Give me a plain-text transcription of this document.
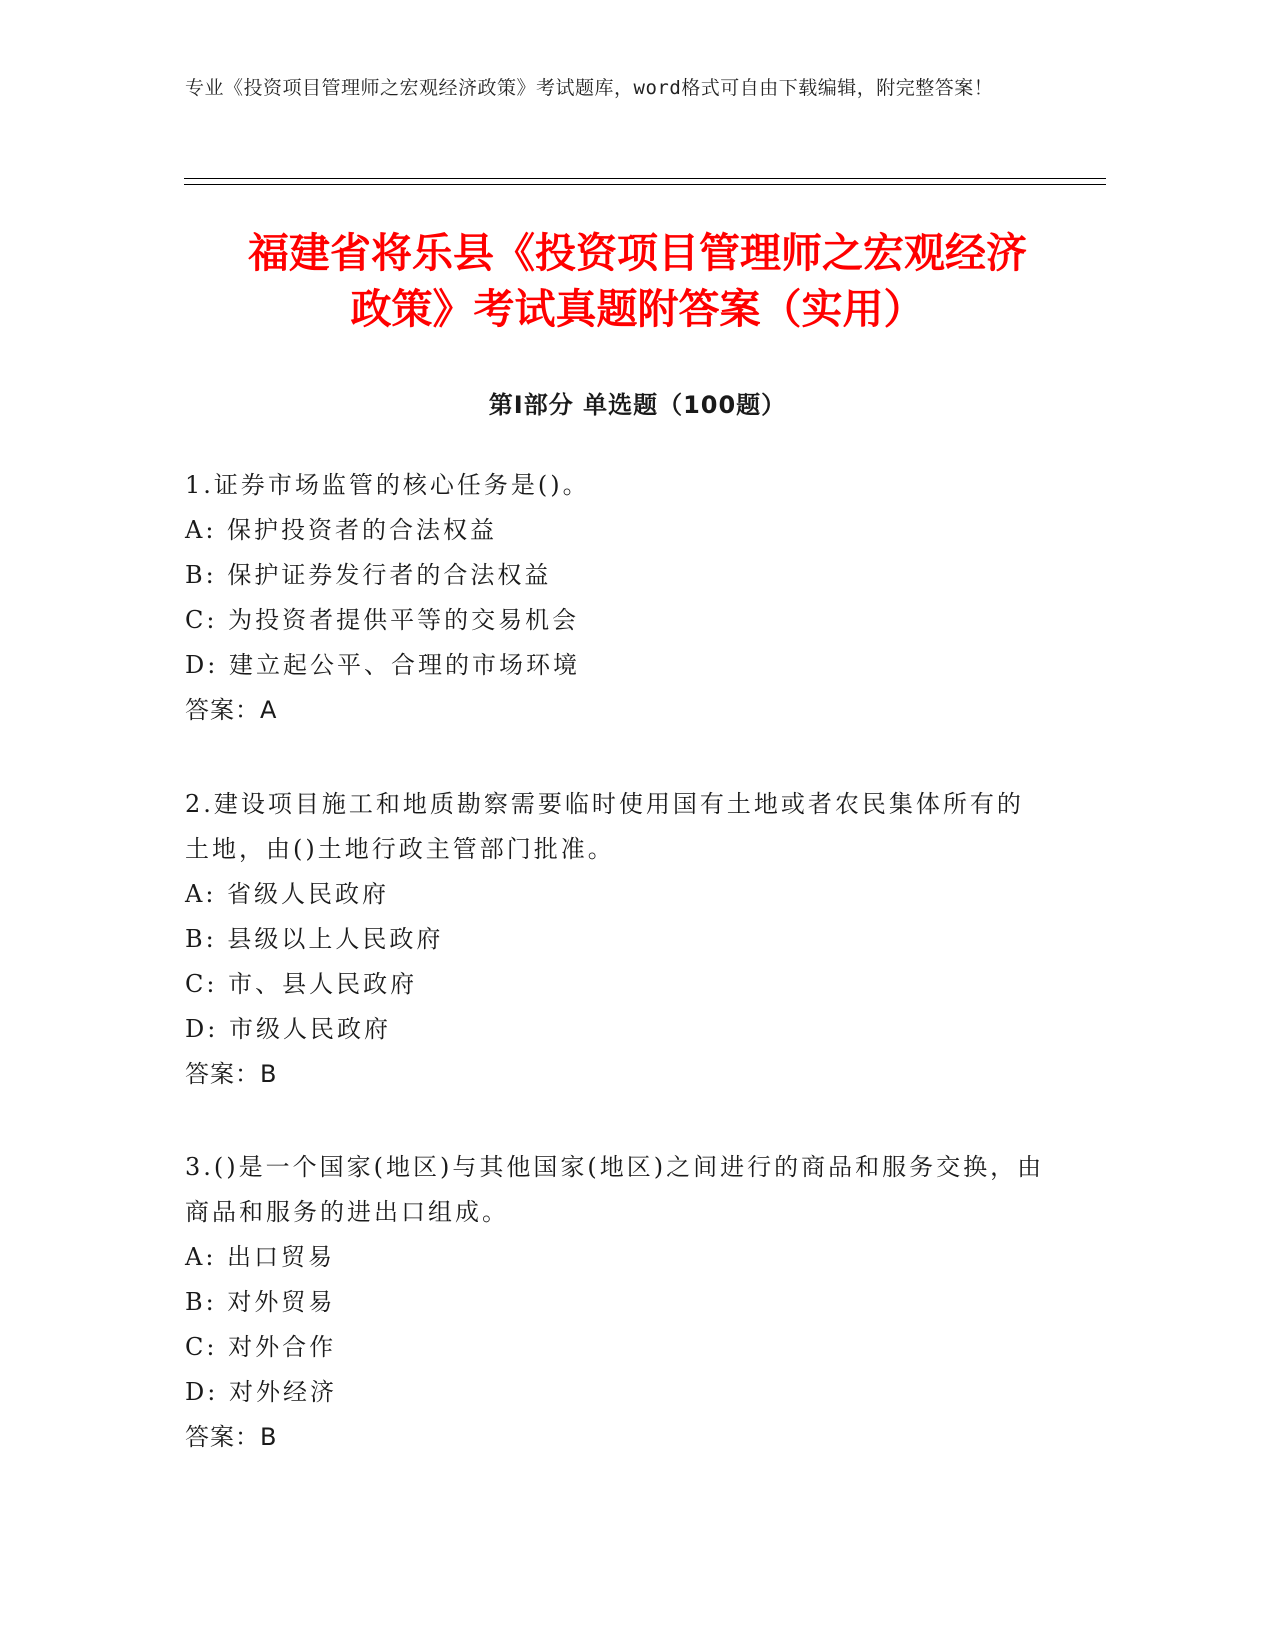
专业《投资项目管理师之宏观经济政策》考试题库，word格式可自由下载编辑，附完整答案！
福建省将乐县《投资项目管理师之宏观经济
政策》考试真题附答案（实用）
第Ⅰ部分 单选题（100题）
1.证券市场监管的核心任务是()。
A: 保护投资者的合法权益
B: 保护证券发行者的合法权益
C: 为投资者提供平等的交易机会
D: 建立起公平、合理的市场环境
答案：A
2.建设项目施工和地质勘察需要临时使用国有土地或者农民集体所有的土地，由()土地行政主管部门批准。
A: 省级人民政府
B: 县级以上人民政府
C: 市、县人民政府
D: 市级人民政府
答案：B
3.()是一个国家(地区)与其他国家(地区)之间进行的商品和服务交换，由商品和服务的进出口组成。
A: 出口贸易
B: 对外贸易
C: 对外合作
D: 对外经济
答案：B
